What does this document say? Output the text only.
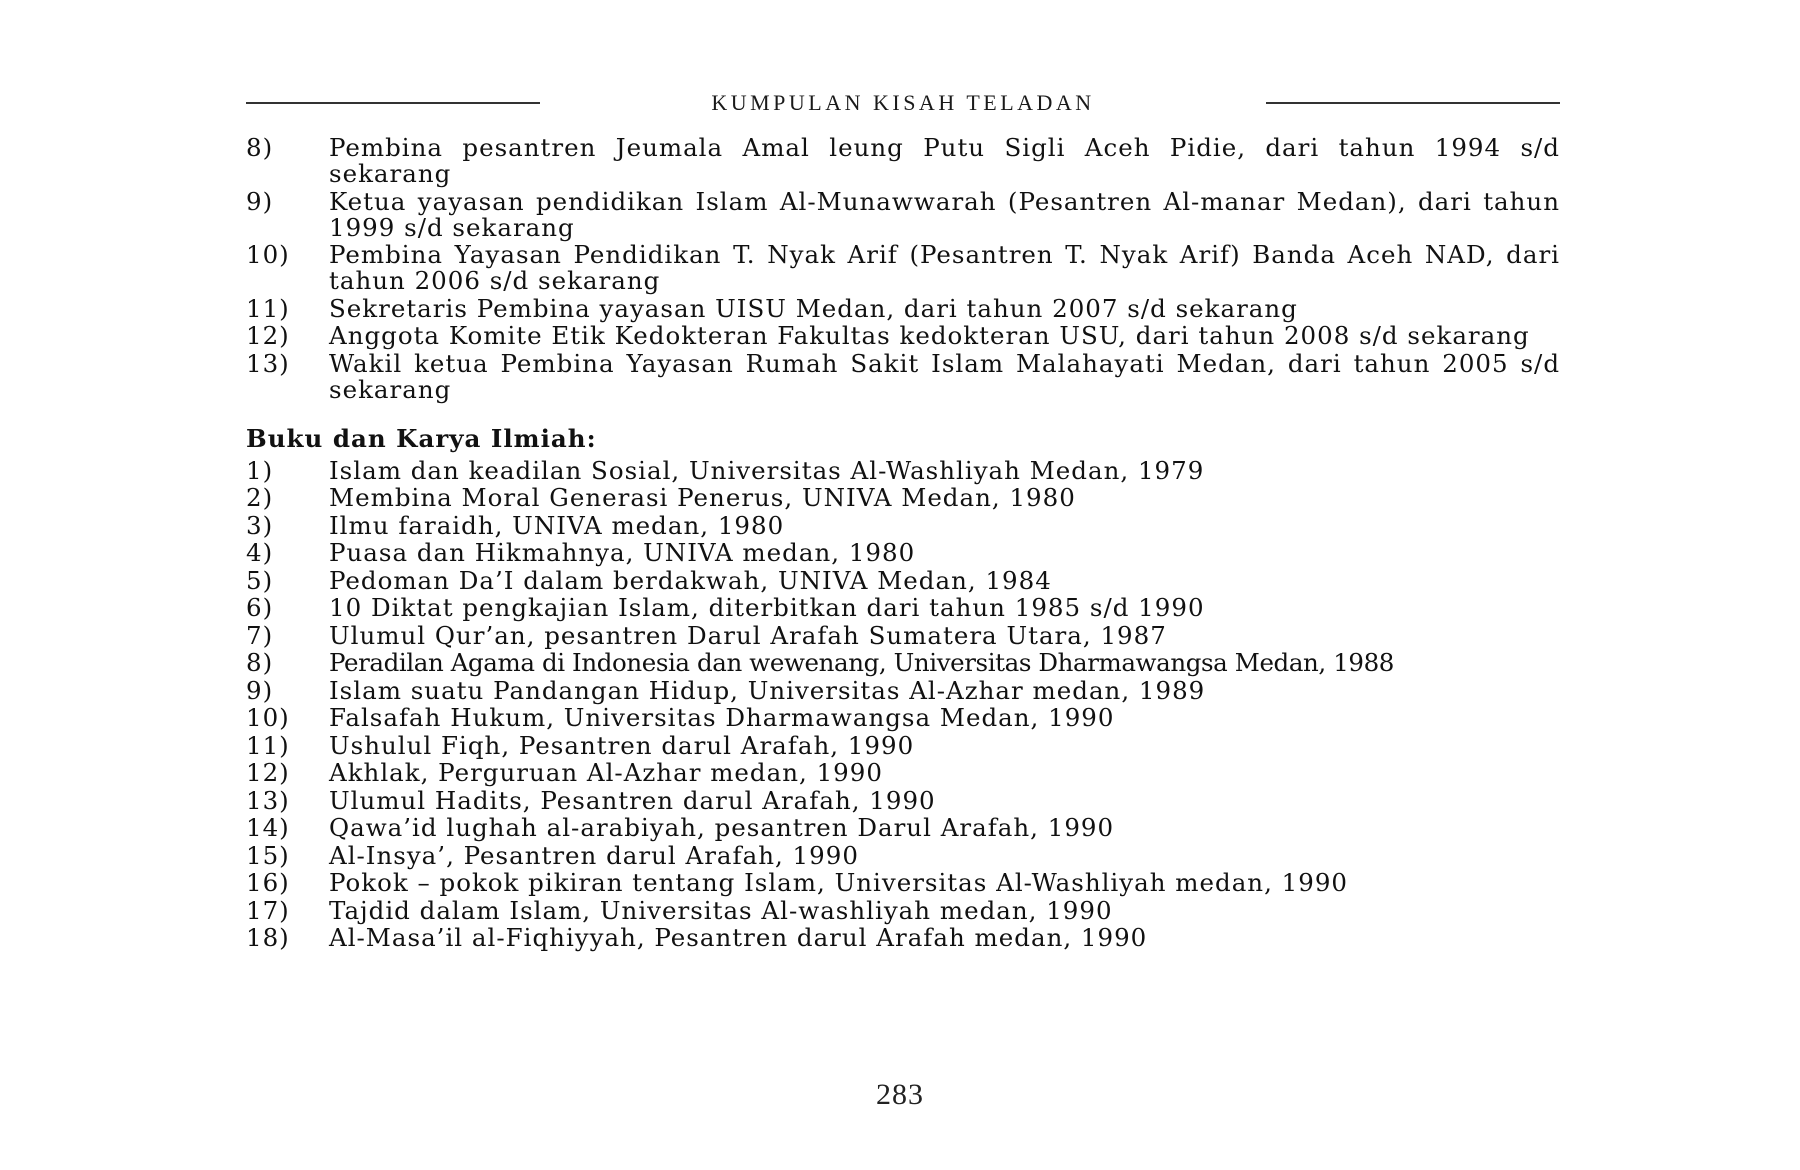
KUMPULAN KISAH TELADAN
8)	Pembina pesantren Jeumala Amal leung Putu Sigli Aceh Pidie, dari tahun 1994 s/d sekarang
9)	Ketua yayasan pendidikan Islam Al-Munawwarah (Pesantren Al-manar Medan), dari tahun 1999 s/d sekarang
10)	Pembina Yayasan Pendidikan T. Nyak Arif (Pesantren T. Nyak Arif) Banda Aceh NAD, dari tahun 2006 s/d sekarang
11)	Sekretaris Pembina yayasan UISU Medan, dari tahun 2007 s/d sekarang
12)	Anggota Komite Etik Kedokteran Fakultas kedokteran USU, dari tahun 2008 s/d sekarang
13)	Wakil ketua Pembina Yayasan Rumah Sakit Islam Malahayati Medan, dari tahun 2005 s/d sekarang
Buku dan Karya Ilmiah:
1)	Islam dan keadilan Sosial, Universitas Al-Washliyah Medan, 1979
2)	Membina Moral Generasi Penerus, UNIVA Medan, 1980
3)	Ilmu faraidh, UNIVA medan, 1980
4)	Puasa dan Hikmahnya, UNIVA medan, 1980
5)	Pedoman Da’I dalam berdakwah, UNIVA Medan, 1984
6)	10 Diktat pengkajian Islam, diterbitkan dari tahun 1985 s/d 1990
7)	Ulumul Qur’an, pesantren Darul Arafah Sumatera Utara, 1987
8)	Peradilan Agama di Indonesia dan wewenang, Universitas Dharmawangsa Medan, 1988
9)	Islam suatu Pandangan Hidup, Universitas Al-Azhar medan, 1989
10)	Falsafah Hukum, Universitas Dharmawangsa Medan, 1990
11)	Ushulul Fiqh, Pesantren darul Arafah, 1990
12)	Akhlak, Perguruan Al-Azhar medan, 1990
13)	Ulumul Hadits, Pesantren darul Arafah, 1990
14)	Qawa’id lughah al-arabiyah, pesantren Darul Arafah, 1990
15)	Al-Insya’, Pesantren darul Arafah, 1990
16)	Pokok – pokok pikiran tentang Islam, Universitas Al-Washliyah medan, 1990
17)	Tajdid dalam Islam, Universitas Al-washliyah medan, 1990
18)	Al-Masa’il al-Fiqhiyyah, Pesantren darul Arafah medan, 1990
283
